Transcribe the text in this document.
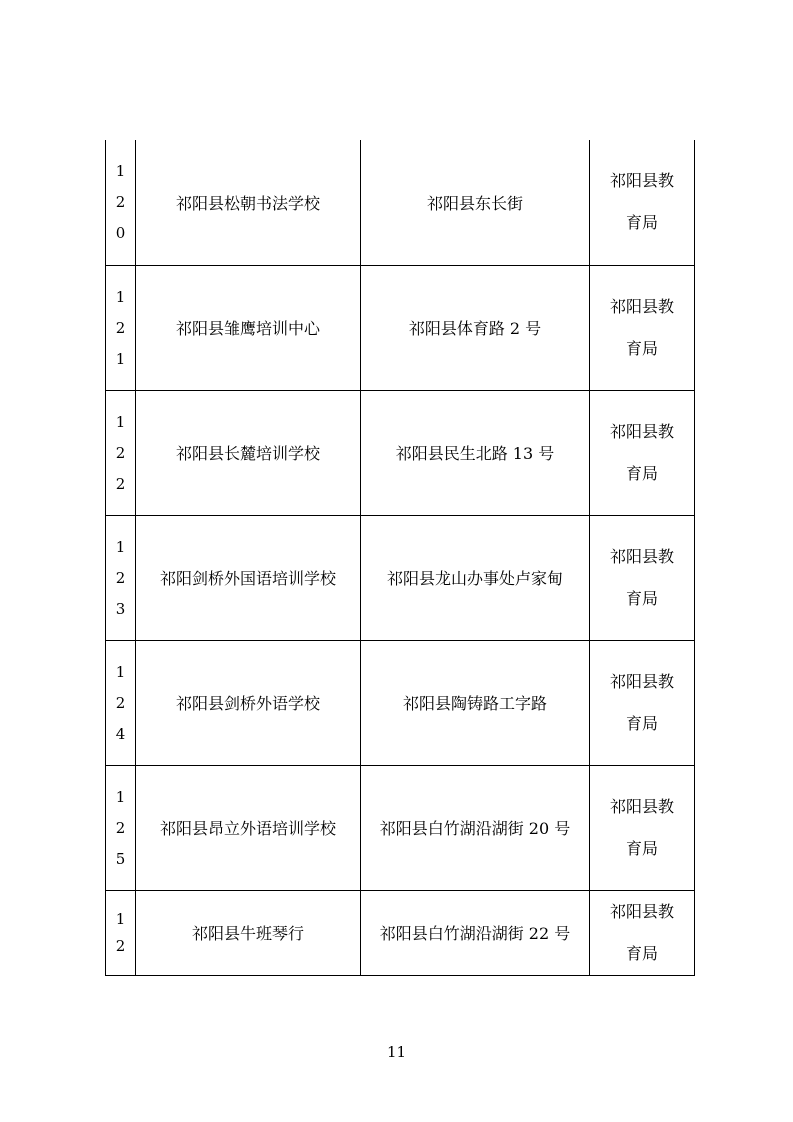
1
2
0	祁阳县松朝书法学校	祁阳县东长街	祁阳县教
育局

1
2
1	祁阳县雏鹰培训中心	祁阳县体育路 2 号	祁阳县教
育局

1
2
2	祁阳县长麓培训学校	祁阳县民生北路 13 号	祁阳县教
育局

1
2
3	祁阳剑桥外国语培训学校	祁阳县龙山办事处卢家甸	祁阳县教
育局

1
2
4	祁阳县剑桥外语学校	祁阳县陶铸路工字路	祁阳县教
育局

1
2
5	祁阳县昂立外语培训学校	祁阳县白竹湖沿湖街 20 号	祁阳县教
育局

1
2	祁阳县牛班琴行	祁阳县白竹湖沿湖街 22 号	祁阳县教
育局
11
